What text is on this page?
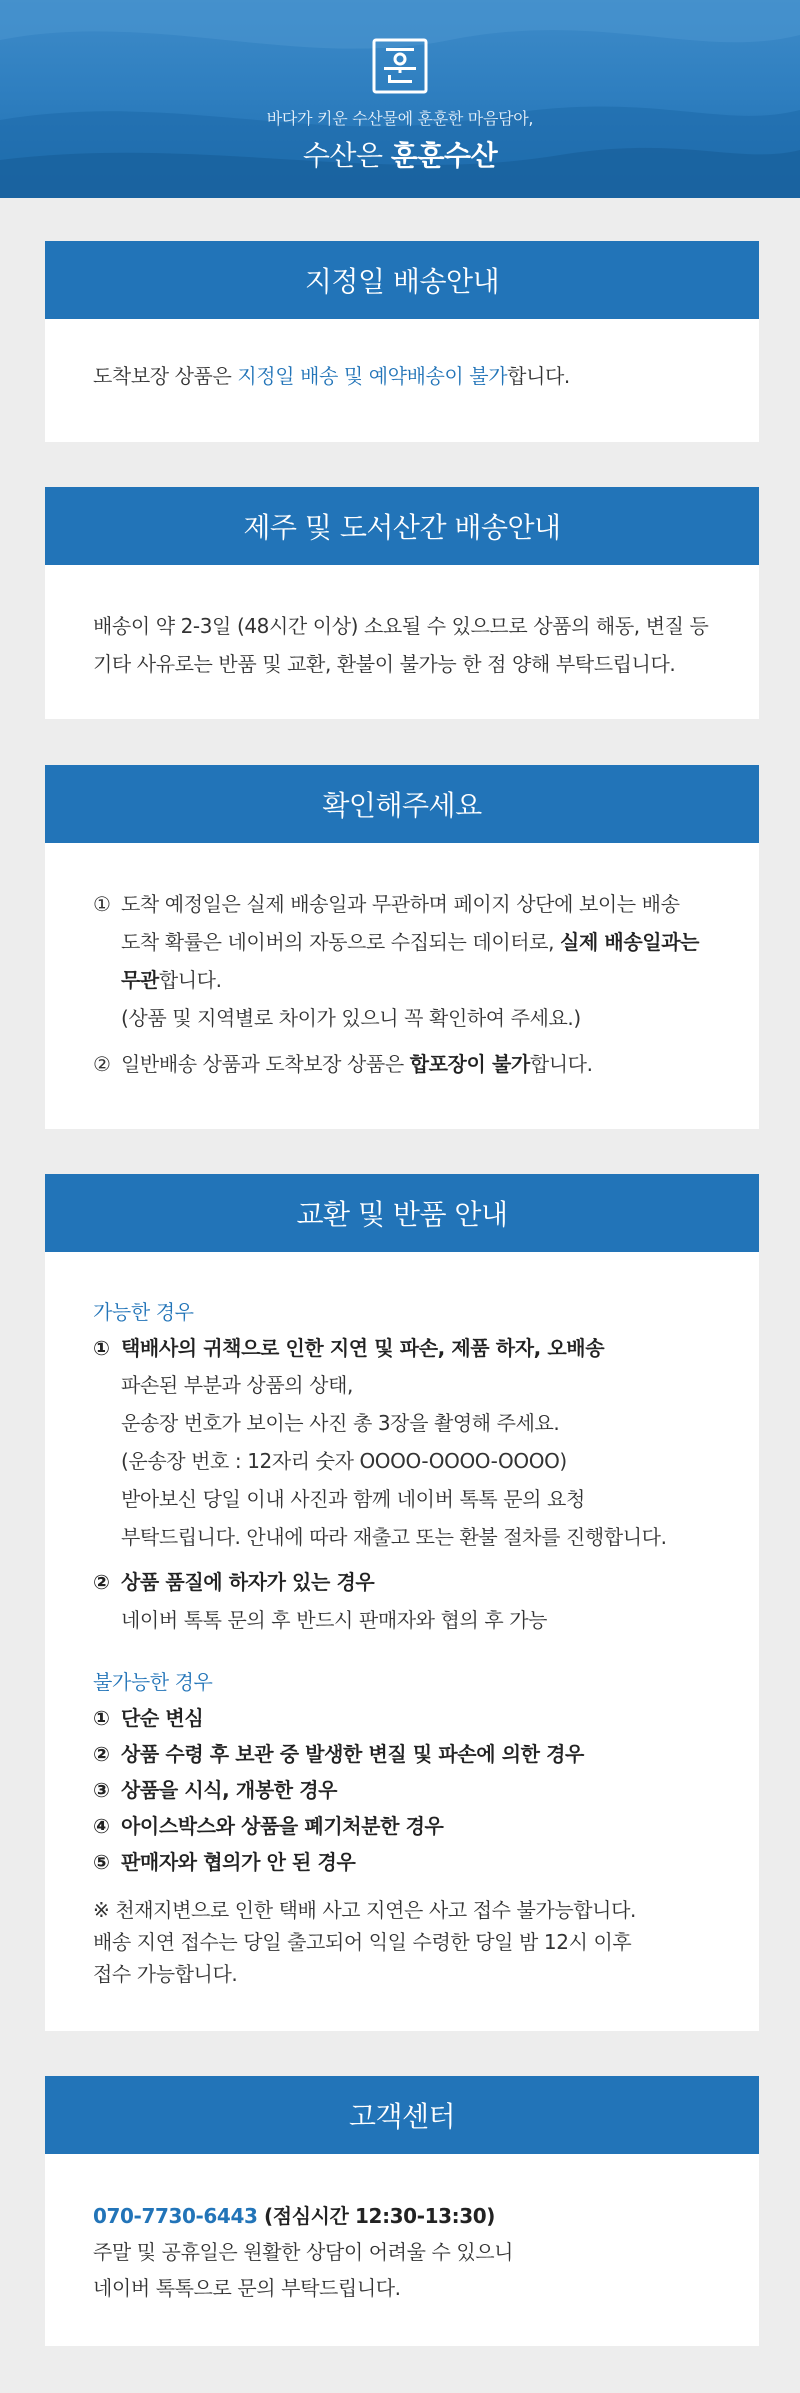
바다가 키운 수산물에 훈훈한 마음담아,
수산은 훈훈수산
지정일 배송안내
도착보장 상품은 지정일 배송 및 예약배송이 불가합니다.
제주 및 도서산간 배송안내
배송이 약 2-3일 (48시간 이상) 소요될 수 있으므로 상품의 해동, 변질 등
기타 사유로는 반품 및 교환, 환불이 불가능 한 점 양해 부탁드립니다.
확인해주세요
① 도착 예정일은 실제 배송일과 무관하며 페이지 상단에 보이는 배송
도착 확률은 네이버의 자동으로 수집되는 데이터로, 실제 배송일과는
무관합니다.
(상품 및 지역별로 차이가 있으니 꼭 확인하여 주세요.)
② 일반배송 상품과 도착보장 상품은 합포장이 불가합니다.
교환 및 반품 안내
가능한 경우
① 택배사의 귀책으로 인한 지연 및 파손, 제품 하자, 오배송
파손된 부분과 상품의 상태,
운송장 번호가 보이는 사진 총 3장을 촬영해 주세요.
(운송장 번호 : 12자리 숫자 OOOO-OOOO-OOOO)
받아보신 당일 이내 사진과 함께 네이버 톡톡 문의 요청
부탁드립니다. 안내에 따라 재출고 또는 환불 절차를 진행합니다.
② 상품 품질에 하자가 있는 경우
네이버 톡톡 문의 후 반드시 판매자와 협의 후 가능
불가능한 경우
① 단순 변심
② 상품 수령 후 보관 중 발생한 변질 및 파손에 의한 경우
③ 상품을 시식, 개봉한 경우
④ 아이스박스와 상품을 폐기처분한 경우
⑤ 판매자와 협의가 안 된 경우
※ 천재지변으로 인한 택배 사고 지연은 사고 접수 불가능합니다.
배송 지연 접수는 당일 출고되어 익일 수령한 당일 밤 12시 이후
접수 가능합니다.
고객센터
070-7730-6443 (점심시간 12:30-13:30)
주말 및 공휴일은 원활한 상담이 어려울 수 있으니
네이버 톡톡으로 문의 부탁드립니다.
